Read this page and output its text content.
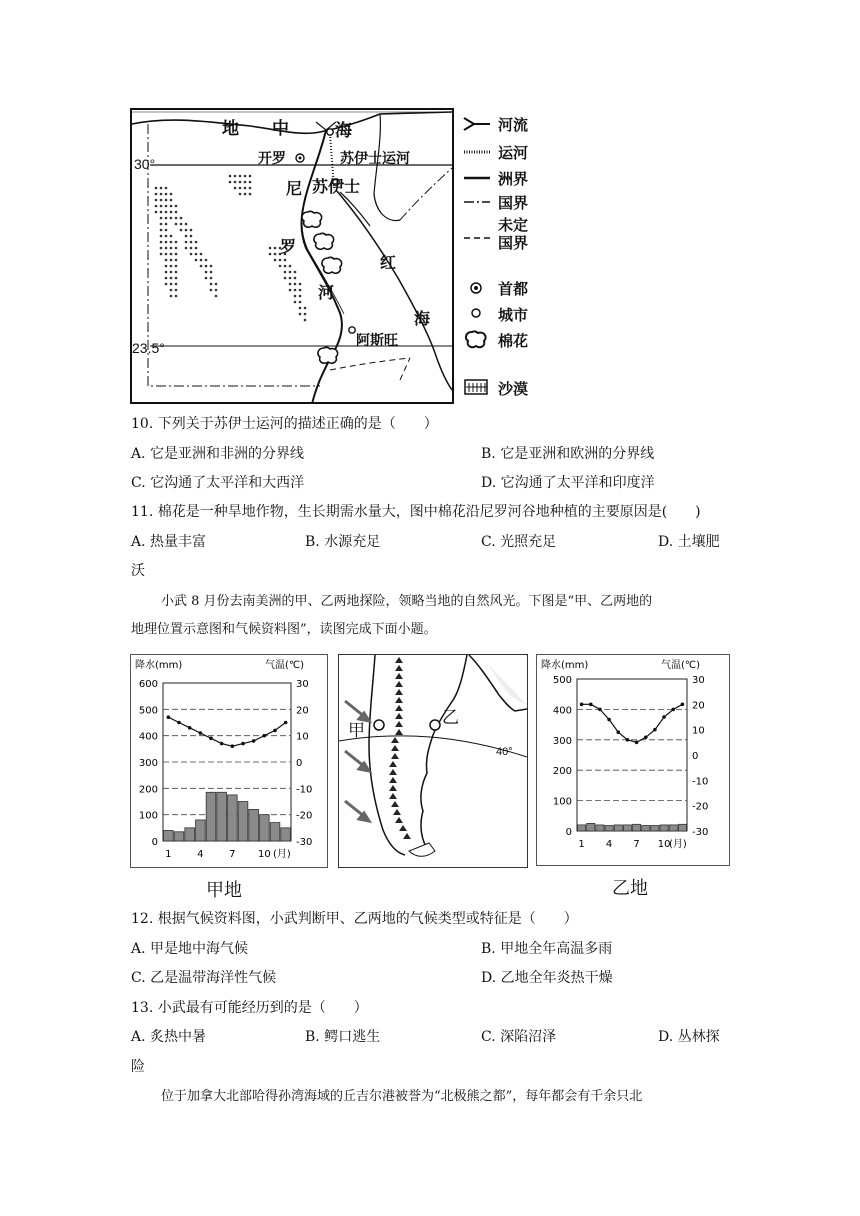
地 中	海
开罗	苏伊士运河
尼 苏伊士
罗
红
河
海
阿斯旺
30°
23.5°
河流
运河
洲界
国界
未定国界
首都
城市
棉花
沙漠
10. 下列关于苏伊士运河的描述正确的是（　　）
A. 它是亚洲和非洲的分界线	B. 它是亚洲和欧洲的分界线
C. 它沟通了太平洋和大西洋	D. 它沟通了太平洋和印度洋
11. 棉花是一种旱地作物，生长期需水量大，图中棉花沿尼罗河谷地种植的主要原因是(　　)
A. 热量丰富	B. 水源充足	C. 光照充足	D. 土壤肥
沃
小武 8 月份去南美洲的甲、乙两地探险，领略当地的自然风光。下图是“甲、乙两地的
地理位置示意图和气候资料图”，读图完成下面小题。
降水(mm)	气温(℃)
600
500
400
300
200
100
0
30
20
10
0
-10
-20
-30
1	4	7 10 (月)
甲地
甲
乙
40°
降水(mm)	气温(℃)
500
400
300
200
100
0
30
20
10
0
-10
-20
-30
1 4 7 10
(月)
乙地
12. 根据气候资料图，小武判断甲、乙两地的气候类型或特征是（　　）
A. 甲是地中海气候	B. 甲地全年高温多雨
C. 乙是温带海洋性气候	D. 乙地全年炎热干燥
13. 小武最有可能经历到的是（　　）
A. 炙热中暑	B. 鳄口逃生	C. 深陷沼泽	D. 丛林探
险
位于加拿大北部哈得孙湾海域的丘吉尔港被誉为“北极熊之都”，每年都会有千余只北
